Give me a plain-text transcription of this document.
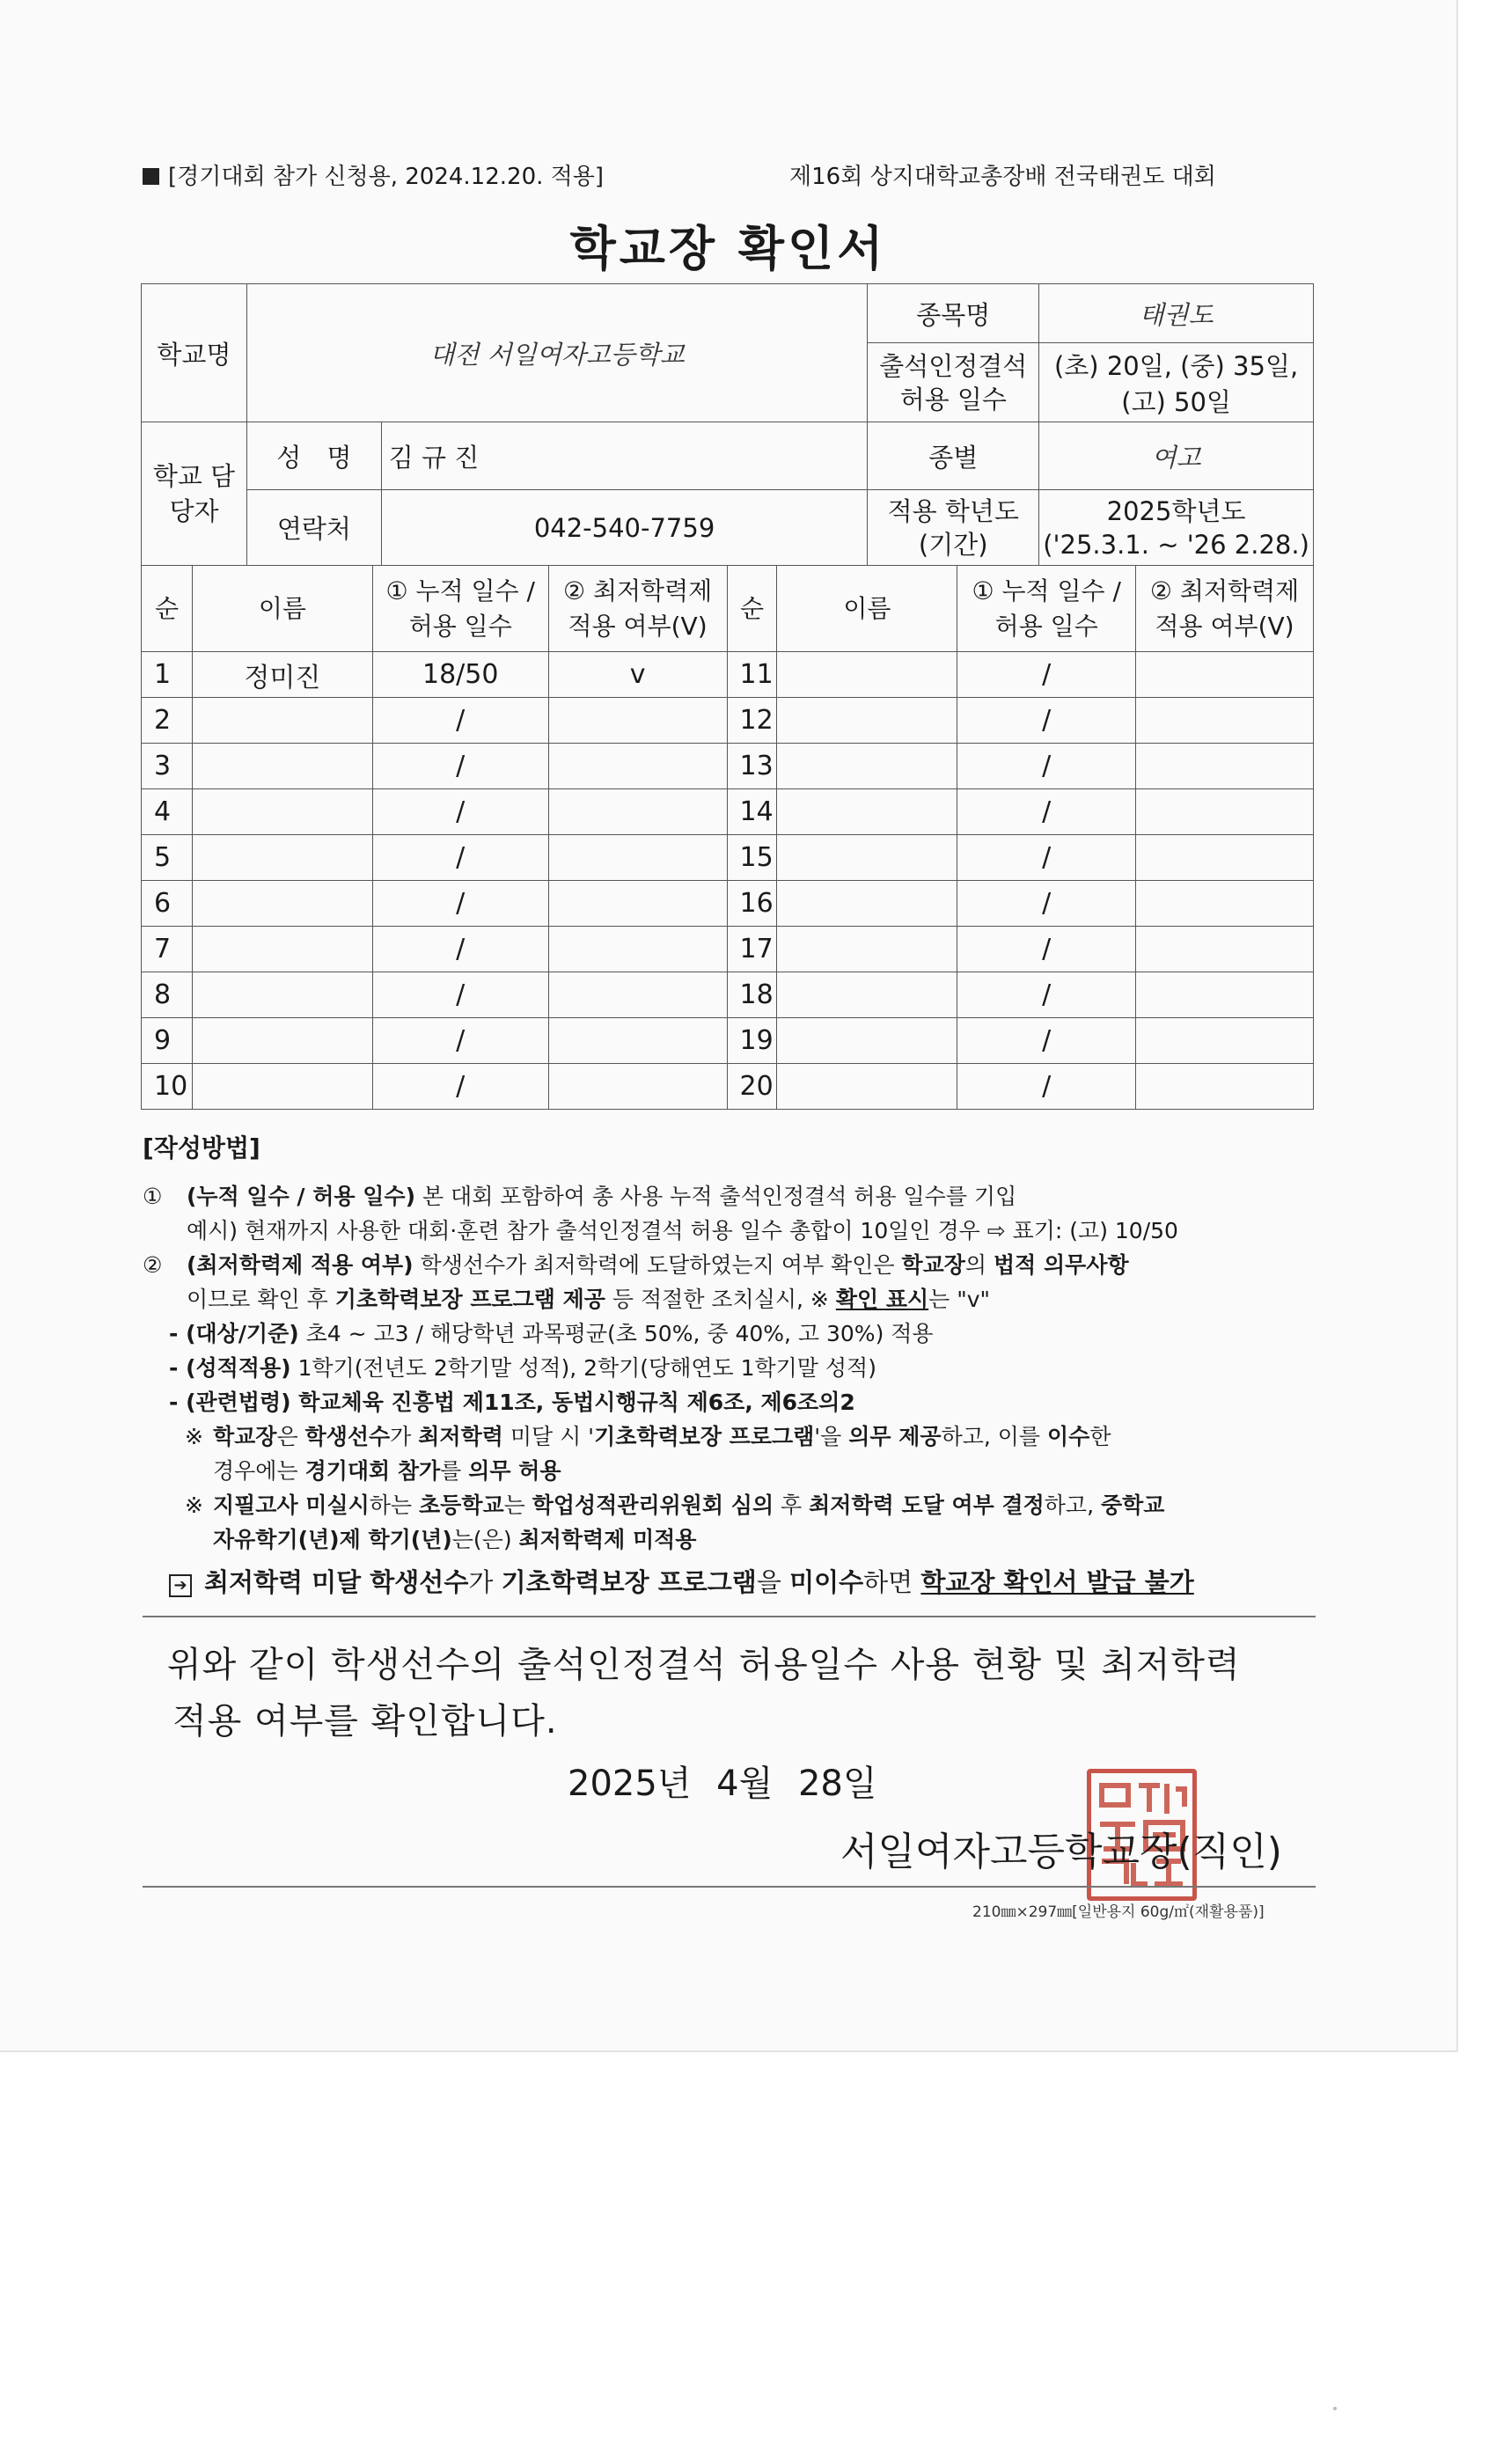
[경기대회 참가 신청용, 2024.12.20. 적용]	제16회 상지대학교총장배 전국태권도 대회
학교장 확인서
학교명	대전 서일여자고등학교		종목명	태권도
			출석인정결석 허용 일수	(초) 20일, (중) 35일, (고) 50일
학교 담당자	성 명	김 규 진	종별	여고
	연락처	042-540-7759	적용 학년도 (기간)	2025학년도
('25.3.1. ~ '26 2.28.)
순	이름	① 누적 일수 / 허용 일수	② 최저학력제 적용 여부(V)	순	이름	① 누적 일수 / 허용 일수	② 최저학력제 적용 여부(V)
1	정미진	18/50	v	11		/	
2		/		12		/	
3		/		13		/	
4		/		14		/	
5		/		15		/	
6		/		16		/	
7		/		17		/	
8		/		18		/	
9		/		19		/	
10		/		20		/	
[작성방법]
① (누적 일수 / 허용 일수) 본 대회 포함하여 총 사용 누적 출석인정결석 허용 일수를 기입
예시) 현재까지 사용한 대회·훈련 참가 출석인정결석 허용 일수 총합이 10일인 경우 ⇨ 표기: (고) 10/50
② (최저학력제 적용 여부) 학생선수가 최저학력에 도달하였는지 여부 확인은 학교장의 법적 의무사항
이므로 확인 후 기초학력보장 프로그램 제공 등 적절한 조치실시, ※ 확인 표시는 "v"
- (대상/기준) 초4 ~ 고3 / 해당학년 과목평균(초 50%, 중 40%, 고 30%) 적용
- (성적적용) 1학기(전년도 2학기말 성적), 2학기(당해연도 1학기말 성적)
- (관련법령) 학교체육 진흥법 제11조, 동법시행규칙 제6조, 제6조의2
※ 학교장은 학생선수가 최저학력 미달 시 '기초학력보장 프로그램'을 의무 제공하고, 이를 이수한
경우에는 경기대회 참가를 의무 허용
※ 지필고사 미실시하는 초등학교는 학업성적관리위원회 심의 후 최저학력 도달 여부 결정하고, 중학교
자유학기(년)제 학기(년)는(은) 최저학력제 미적용
➔ 최저학력 미달 학생선수가 기초학력보장 프로그램을 미이수하면 학교장 확인서 발급 불가
위와 같이 학생선수의 출석인정결석 허용일수 사용 현황 및 최저학력
적용 여부를 확인합니다.
2025년 4월 28일
서일여자고등학교장(직인)
210㎜×297㎜[일반용지 60g/㎡(재활용품)]
